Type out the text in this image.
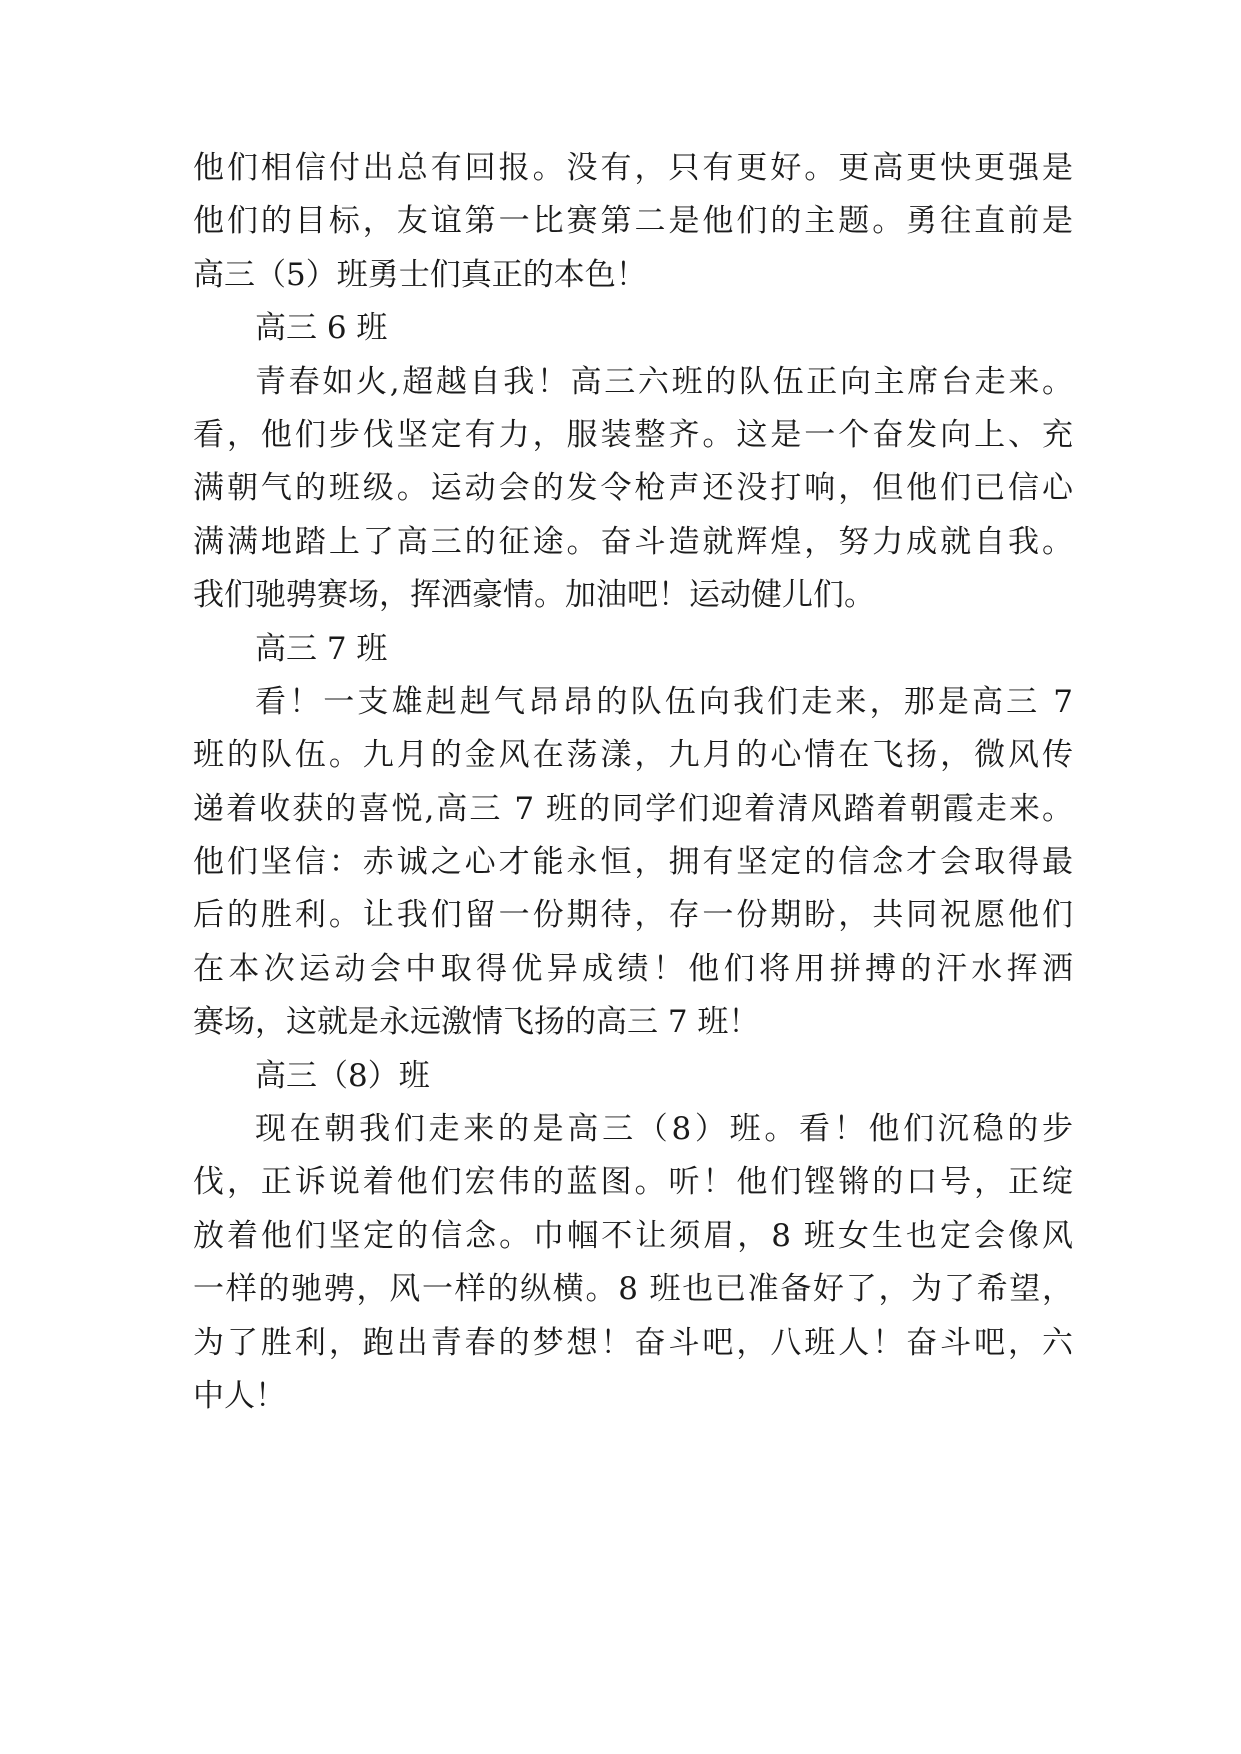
他们相信付出总有回报。没有，只有更好。更高更快更强是
他们的目标，友谊第一比赛第二是他们的主题。勇往直前是
高三（5）班勇士们真正的本色！
高三 6 班
青春如火,超越自我！高三六班的队伍正向主席台走来。
看，他们步伐坚定有力，服装整齐。这是一个奋发向上、充
满朝气的班级。运动会的发令枪声还没打响，但他们已信心
满满地踏上了高三的征途。奋斗造就辉煌，努力成就自我。
我们驰骋赛场，挥洒豪情。加油吧！运动健儿们。
高三 7 班
看！一支雄赳赳气昂昂的队伍向我们走来，那是高三 7
班的队伍。九月的金风在荡漾，九月的心情在飞扬，微风传
递着收获的喜悦,高三 7 班的同学们迎着清风踏着朝霞走来。
他们坚信：赤诚之心才能永恒，拥有坚定的信念才会取得最
后的胜利。让我们留一份期待，存一份期盼，共同祝愿他们
在本次运动会中取得优异成绩！他们将用拼搏的汗水挥洒
赛场，这就是永远激情飞扬的高三 7 班！
高三（8）班
现在朝我们走来的是高三（8）班。看！他们沉稳的步
伐，正诉说着他们宏伟的蓝图。听！他们铿锵的口号，正绽
放着他们坚定的信念。巾帼不让须眉，8 班女生也定会像风
一样的驰骋，风一样的纵横。8 班也已准备好了，为了希望，
为了胜利，跑出青春的梦想！奋斗吧，八班人！奋斗吧，六
中人！
